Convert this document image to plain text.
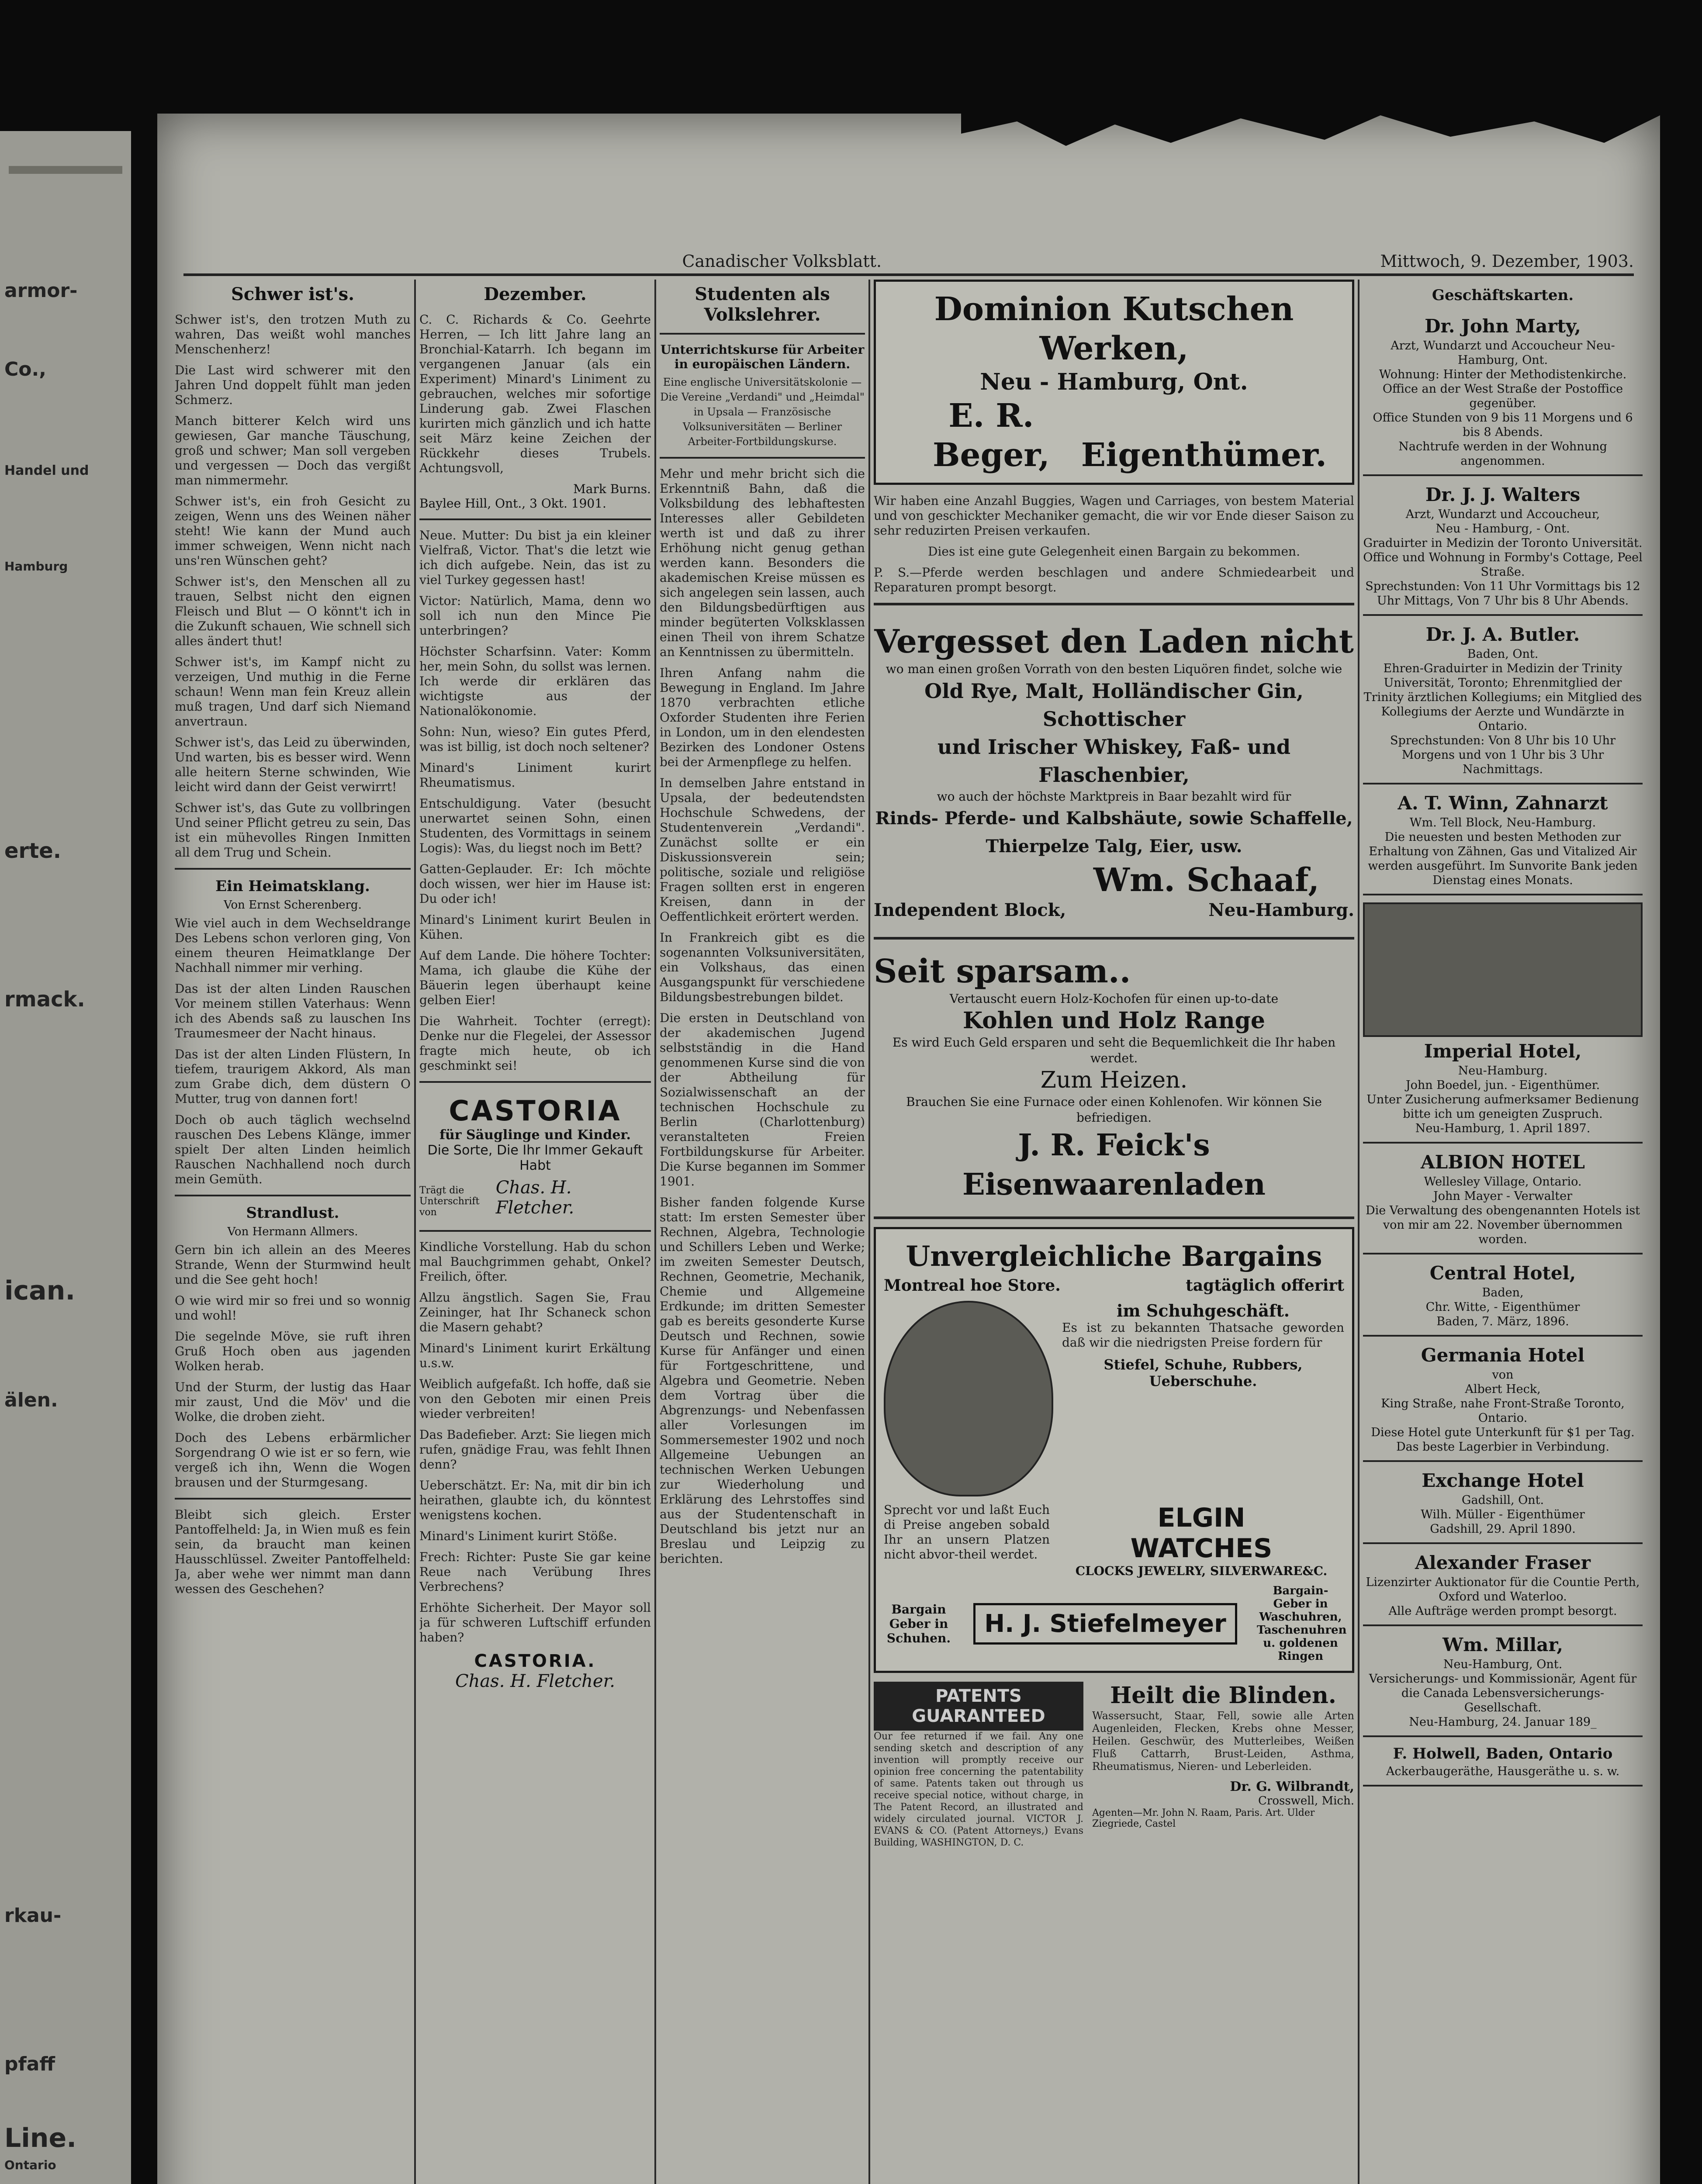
armor-
Co.,
Handel und
Hamburg
erte.
rmack.
ican.
älen.
rkau-
pfaff
Line.
Ontario
Canadischer Volksblatt.	Mittwoch, 9. Dezember, 1903.
Schwer ist's.

Schwer ist's, den trotzen Muth zu wahren, Das weißt wohl manches Menschenherz!

Die Last wird schwerer mit den Jahren Und doppelt fühlt man jeden Schmerz.

Manch bitterer Kelch wird uns gewiesen, Gar manche Täuschung, groß und schwer; Man soll vergeben und vergessen — Doch das vergißt man nimmermehr.

Schwer ist's, ein froh Gesicht zu zeigen, Wenn uns des Weinen näher steht! Wie kann der Mund auch immer schweigen, Wenn nicht nach uns'ren Wünschen geht?

Schwer ist's, den Menschen all zu trauen, Selbst nicht den eignen Fleisch und Blut — O könnt't ich in die Zukunft schauen, Wie schnell sich alles ändert thut!

Schwer ist's, im Kampf nicht zu verzeigen, Und muthig in die Ferne schaun! Wenn man fein Kreuz allein muß tragen, Und darf sich Niemand anvertraun.

Schwer ist's, das Leid zu überwinden, Und warten, bis es besser wird. Wenn alle heitern Sterne schwinden, Wie leicht wird dann der Geist verwirrt!

Schwer ist's, das Gute zu vollbringen Und seiner Pflicht getreu zu sein, Das ist ein mühevolles Ringen Inmitten all dem Trug und Schein.

Ein Heimatsklang.
Von Ernst Scherenberg.

Wie viel auch in dem Wechseldrange Des Lebens schon verloren ging, Von einem theuren Heimatklange Der Nachhall nimmer mir verhing.

Das ist der alten Linden Rauschen Vor meinem stillen Vaterhaus: Wenn ich des Abends saß zu lauschen Ins Traumesmeer der Nacht hinaus.

Das ist der alten Linden Flüstern, In tiefem, traurigem Akkord, Als man zum Grabe dich, dem düstern O Mutter, trug von dannen fort!

Doch ob auch täglich wechselnd rauschen Des Lebens Klänge, immer spielt Der alten Linden heimlich Rauschen Nachhallend noch durch mein Gemüth.

Strandlust.
Von Hermann Allmers.

Gern bin ich allein an des Meeres Strande, Wenn der Sturmwind heult und die See geht hoch!

O wie wird mir so frei und so wonnig und wohl!

Die segelnde Möve, sie ruft ihren Gruß Hoch oben aus jagenden Wolken herab.

Und der Sturm, der lustig das Haar mir zaust, Und die Möv' und die Wolke, die droben zieht.

Doch des Lebens erbärmlicher Sorgendrang O wie ist er so fern, wie vergeß ich ihn, Wenn die Wogen brausen und der Sturmgesang.

Bleibt sich gleich. Erster Pantoffelheld: Ja, in Wien muß es fein sein, da braucht man keinen Hausschlüssel. Zweiter Pantoffelheld: Ja, aber wehe wer nimmt man dann wessen des Geschehen?

Dezember.

C. C. Richards & Co. Geehrte Herren, — Ich litt Jahre lang an Bronchial-Katarrh. Ich begann im vergangenen Januar (als ein Experiment) Minard's Liniment zu gebrauchen, welches mir sofortige Linderung gab. Zwei Flaschen kurirten mich gänzlich und ich hatte seit März keine Zeichen der Rückkehr dieses Trubels. Achtungsvoll,

Mark Burns.
Baylee Hill, Ont., 3 Okt. 1901.

Neue. Mutter: Du bist ja ein kleiner Vielfraß, Victor. That's die letzt wie ich dich aufgebe. Nein, das ist zu viel Turkey gegessen hast!

Victor: Natürlich, Mama, denn wo soll ich nun den Mince Pie unterbringen?

Höchster Scharfsinn. Vater: Komm her, mein Sohn, du sollst was lernen. Ich werde dir erklären das wichtigste aus der Nationalökonomie.

Sohn: Nun, wieso? Ein gutes Pferd, was ist billig, ist doch noch seltener?

Minard's Liniment kurirt Rheumatismus.

Entschuldigung. Vater (besucht unerwartet seinen Sohn, einen Studenten, des Vormittags in seinem Logis): Was, du liegst noch im Bett?

Gatten-Geplauder. Er: Ich möchte doch wissen, wer hier im Hause ist: Du oder ich!

Minard's Liniment kurirt Beulen in Kühen.

Auf dem Lande. Die höhere Tochter: Mama, ich glaube die Kühe der Bäuerin legen überhaupt keine gelben Eier!

Die Wahrheit. Tochter (erregt): Denke nur die Flegelei, der Assessor fragte mich heute, ob ich geschminkt sei!

CASTORIA
für Säuglinge und Kinder.
Die Sorte, Die Ihr Immer Gekauft Habt
Trägt die Unterschrift von
Chas. H. Fletcher.

Kindliche Vorstellung. Hab du schon mal Bauchgrimmen gehabt, Onkel? Freilich, öfter.

Allzu ängstlich. Sagen Sie, Frau Zeininger, hat Ihr Schaneck schon die Masern gehabt?

Minard's Liniment kurirt Erkältung u.s.w.

Weiblich aufgefaßt. Ich hoffe, daß sie von den Geboten mir einen Preis wieder verbreiten!

Das Badefieber. Arzt: Sie liegen mich rufen, gnädige Frau, was fehlt Ihnen denn?

Ueberschätzt. Er: Na, mit dir bin ich heirathen, glaubte ich, du könntest wenigstens kochen.

Minard's Liniment kurirt Stöße.

Frech: Richter: Puste Sie gar keine Reue nach Verübung Ihres Verbrechens?

Erhöhte Sicherheit. Der Mayor soll ja für schweren Luftschiff erfunden haben?

CASTORIA.
Chas. H. Fletcher.
Studenten als Volkslehrer.
Unterrichtskurse für Arbeiter in europäischen Ländern.

Eine englische Universitätskolonie — Die Vereine „Verdandi" und „Heimdal" in Upsala — Französische Volksuniversitäten — Berliner Arbeiter-Fortbildungskurse.

Mehr und mehr bricht sich die Erkenntniß Bahn, daß die Volksbildung des lebhaftesten Interesses aller Gebildeten werth ist und daß zu ihrer Erhöhung nicht genug gethan werden kann. Besonders die akademischen Kreise müssen es sich angelegen sein lassen, auch den Bildungsbedürftigen aus minder begüterten Volksklassen einen Theil von ihrem Schatze an Kenntnissen zu übermitteln.

Ihren Anfang nahm die Bewegung in England. Im Jahre 1870 verbrachten etliche Oxforder Studenten ihre Ferien in London, um in den elendesten Bezirken des Londoner Ostens bei der Armenpflege zu helfen.

In demselben Jahre entstand in Upsala, der bedeutendsten Hochschule Schwedens, der Studentenverein „Verdandi". Zunächst sollte er ein Diskussionsverein sein; politische, soziale und religiöse Fragen sollten erst in engeren Kreisen, dann in der Oeffentlichkeit erörtert werden.

In Frankreich gibt es die sogenannten Volksuniversitäten, ein Volkshaus, das einen Ausgangspunkt für verschiedene Bildungsbestrebungen bildet.

Die ersten in Deutschland von der akademischen Jugend selbstständig in die Hand genommenen Kurse sind die von der Abtheilung für Sozialwissenschaft an der technischen Hochschule zu Berlin (Charlottenburg) veranstalteten Freien Fortbildungskurse für Arbeiter. Die Kurse begannen im Sommer 1901.

Bisher fanden folgende Kurse statt: Im ersten Semester über Rechnen, Algebra, Technologie und Schillers Leben und Werke; im zweiten Semester Deutsch, Rechnen, Geometrie, Mechanik, Chemie und Allgemeine Erdkunde; im dritten Semester gab es bereits gesonderte Kurse Deutsch und Rechnen, sowie Kurse für Anfänger und einen für Fortgeschrittene, und Algebra und Geometrie. Neben dem Vortrag über die Abgrenzungs- und Nebenfassen aller Vorlesungen im Sommersemester 1902 und noch Allgemeine Uebungen an technischen Werken Uebungen zur Wiederholung und Erklärung des Lehrstoffes sind aus der Studentenschaft in Deutschland bis jetzt nur an Breslau und Leipzig zu berichten.

Dominion Kutschen Werken,
Neu - Hamburg, Ont.
E. R. Beger, Eigenthümer.

Wir haben eine Anzahl Buggies, Wagen und Carriages, von bestem Material und von geschickter Mechaniker gemacht, die wir vor Ende dieser Saison zu sehr reduzirten Preisen verkaufen.

Dies ist eine gute Gelegenheit einen Bargain zu bekommen.

P. S.—Pferde werden beschlagen und andere Schmiedearbeit und Reparaturen prompt besorgt.

Vergesset den Laden nicht
wo man einen großen Vorrath von den besten Liquören findet, solche wie
Old Rye, Malt, Holländischer Gin, Schottischer
und Irischer Whiskey, Faß- und Flaschenbier,
wo auch der höchste Marktpreis in Baar bezahlt wird für
Rinds- Pferde- und Kalbshäute, sowie Schaffelle, Thierpelze Talg, Eier, usw.
Wm. Schaaf,
Independent Block,	Neu-Hamburg.
Seit sparsam..
Vertauscht euern Holz-Kochofen für einen up-to-date
Kohlen und Holz Range
Es wird Euch Geld ersparen und seht die Bequemlichkeit die Ihr haben werdet.
Zum Heizen.
Brauchen Sie eine Furnace oder einen Kohlenofen. Wir können Sie befriedigen.
J. R. Feick's Eisenwaarenladen
Unvergleichliche Bargains
Montreal hoe Store.	tagtäglich offerirt
im Schuhgeschäft.

Es ist zu bekannten Thatsache geworden daß wir die niedrigsten Preise fordern für

Stiefel, Schuhe, Rubbers, Ueberschuhe.

Sprecht vor und laßt Euch di Preise angeben sobald Ihr an unsern Platzen nicht abvor-theil werdet.

ELGIN
WATCHES
CLOCKS JEWELRY, SILVERWARE&C.
Bargain Geber in Schuhen.
H. J. Stiefelmeyer
Bargain-Geber in Waschuhren, Taschenuhren u. goldenen Ringen
PATENTS GUARANTEED

Our fee returned if we fail. Any one sending sketch and description of any invention will promptly receive our opinion free concerning the patentability of same. Patents taken out through us receive special notice, without charge, in The Patent Record, an illustrated and widely circulated journal. VICTOR J. EVANS & CO. (Patent Attorneys,) Evans Building, WASHINGTON, D. C.

Heilt die Blinden.

Wassersucht, Staar, Fell, sowie alle Arten Augenleiden, Flecken, Krebs ohne Messer, Heilen. Geschwür, des Mutterleibes, Weißen Fluß Cattarrh, Brust-Leiden, Asthma, Rheumatismus, Nieren- und Leberleiden.

Dr. G. Wilbrandt,
Crosswell, Mich.
Agenten—Mr. John N. Raam, Paris. Art. Ulder Ziegriede, Castel
Geschäftskarten.
Dr. John Marty,
Arzt, Wundarzt und Accoucheur Neu-Hamburg, Ont.
Wohnung: Hinter der Methodistenkirche. Office an der West Straße der Postoffice gegenüber.
Office Stunden von 9 bis 11 Morgens und 6 bis 8 Abends.
Nachtrufe werden in der Wohnung angenommen.
Dr. J. J. Walters
Arzt, Wundarzt und Accoucheur,
Neu - Hamburg, - Ont.
Graduirter in Medizin der Toronto Universität.
Office und Wohnung in Formby's Cottage, Peel Straße.
Sprechstunden: Von 11 Uhr Vormittags bis 12 Uhr Mittags, Von 7 Uhr bis 8 Uhr Abends.
Dr. J. A. Butler.
Baden, Ont.
Ehren-Graduirter in Medizin der Trinity Universität, Toronto; Ehrenmitglied der Trinity ärztlichen Kollegiums; ein Mitglied des Kollegiums der Aerzte und Wundärzte in Ontario.
Sprechstunden: Von 8 Uhr bis 10 Uhr Morgens und von 1 Uhr bis 3 Uhr Nachmittags.
A. T. Winn, Zahnarzt
Wm. Tell Block, Neu-Hamburg.
Die neuesten und besten Methoden zur Erhaltung von Zähnen, Gas und Vitalized Air werden ausgeführt. Im Sunvorite Bank jeden Dienstag eines Monats.
Imperial Hotel,
Neu-Hamburg.
John Boedel, jun. - Eigenthümer.
Unter Zusicherung aufmerksamer Bedienung bitte ich um geneigten Zuspruch.
Neu-Hamburg, 1. April 1897.
ALBION HOTEL
Wellesley Village, Ontario.
John Mayer - Verwalter
Die Verwaltung des obengenannten Hotels ist von mir am 22. November übernommen worden.
Central Hotel,
Baden,
Chr. Witte, - Eigenthümer
Baden, 7. März, 1896.
Germania Hotel
von
Albert Heck,
King Straße, nahe Front-Straße Toronto, Ontario.
Diese Hotel gute Unterkunft für $1 per Tag. Das beste Lagerbier in Verbindung.
Exchange Hotel
Gadshill, Ont.
Wilh. Müller - Eigenthümer
Gadshill, 29. April 1890.
Alexander Fraser
Lizenzirter Auktionator für die Countie Perth, Oxford und Waterloo.
Alle Aufträge werden prompt besorgt.
Wm. Millar,
Neu-Hamburg, Ont.
Versicherungs- und Kommissionär, Agent für die Canada Lebensversicherungs-Gesellschaft.
Neu-Hamburg, 24. Januar 189_
F. Holwell, Baden, Ontario
Ackerbaugeräthe, Hausgeräthe u. s. w.
